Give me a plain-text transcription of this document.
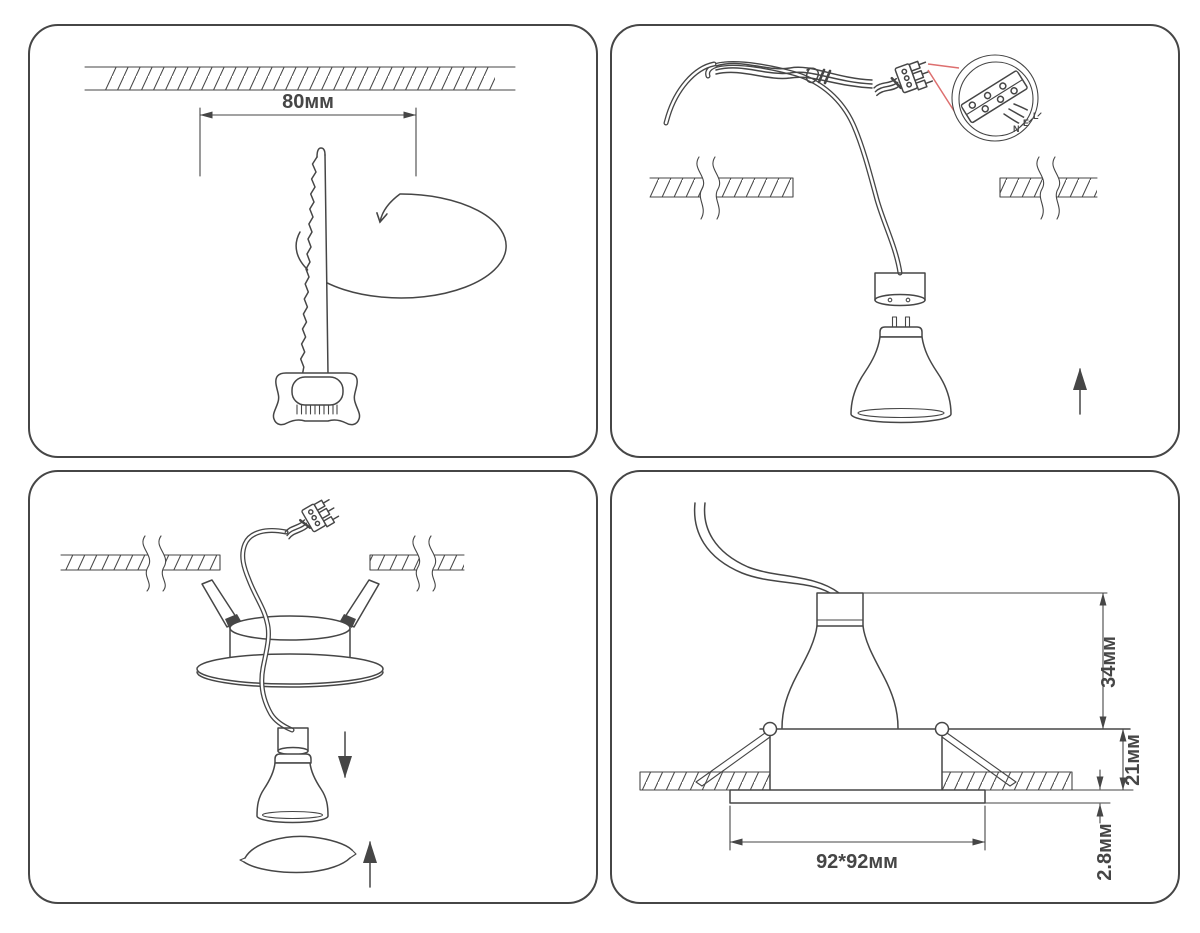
80мм
N
E
L
34мм
21мм
2.8мм
92*92мм
